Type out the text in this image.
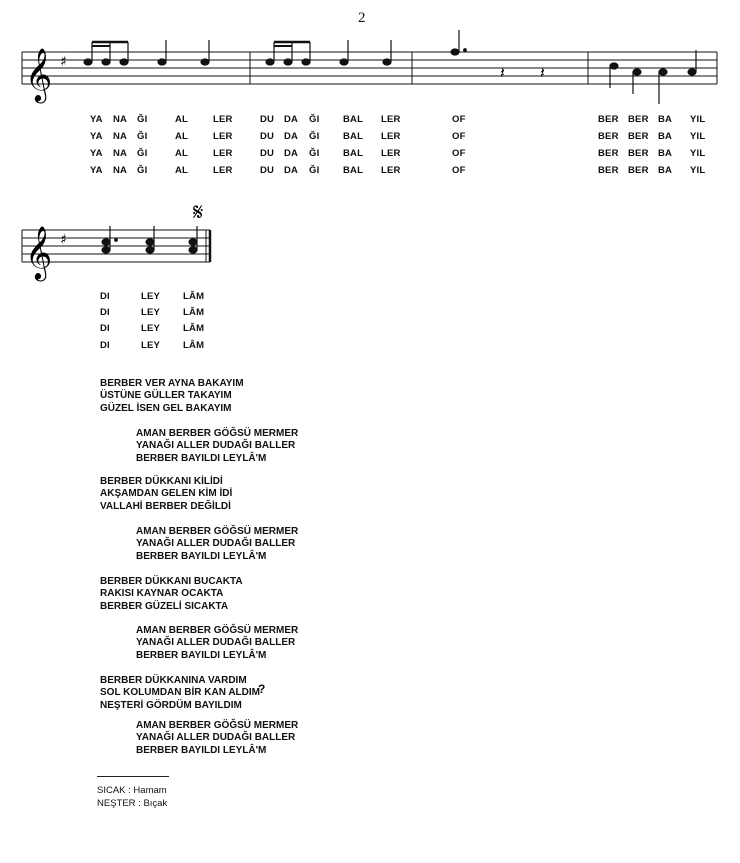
2
𝄞 ♯
𝄽 𝄽
YA NA ĞI	AL	LER	DU DA ĞI BAL LER	OF	BER BER BA YIL
YA NA ĞI	AL	LER	DU DA ĞI BAL LER	OF	BER BER BA YIL
YA NA ĞI	AL	LER	DU DA ĞI BAL LER	OF	BER BER BA YIL
YA NA ĞI	AL	LER	DU DA ĞI BAL LER	OF	BER BER BA YIL
𝄞 ♯
𝄋
DI	LEY LÂM
DI	LEY LÂM
DI	LEY LÂM
DI	LEY LÂM
BERBER VER AYNA BAKAYIM
ÜSTÜNE GÜLLER TAKAYIM
GÜZEL İSEN GEL BAKAYIM
AMAN BERBER GÖĞSÜ MERMER
YANAĞI ALLER DUDAĞI BALLER
BERBER BAYILDI LEYLÂ'M
BERBER DÜKKANI KİLİDİ
AKŞAMDAN GELEN KİM İDİ
VALLAHİ BERBER DEĞİLDİ
AMAN BERBER GÖĞSÜ MERMER
YANAĞI ALLER DUDAĞI BALLER
BERBER BAYILDI LEYLÂ'M
BERBER DÜKKANI BUCAKTA
RAKISI KAYNAR OCAKTA
BERBER GÜZELİ SICAKTA
AMAN BERBER GÖĞSÜ MERMER
YANAĞI ALLER DUDAĞI BALLER
BERBER BAYILDI LEYLÂ'M
BERBER DÜKKANINA VARDIM
SOL KOLUMDAN BİR KAN ALDIM
NEŞTERİ GÖRDÜM BAYILDIM
AMAN BERBER GÖĞSÜ MERMER
YANAĞI ALLER DUDAĞI BALLER
BERBER BAYILDI LEYLÂ'M
?
SICAK : Hamam
NEŞTER : Bıçak
